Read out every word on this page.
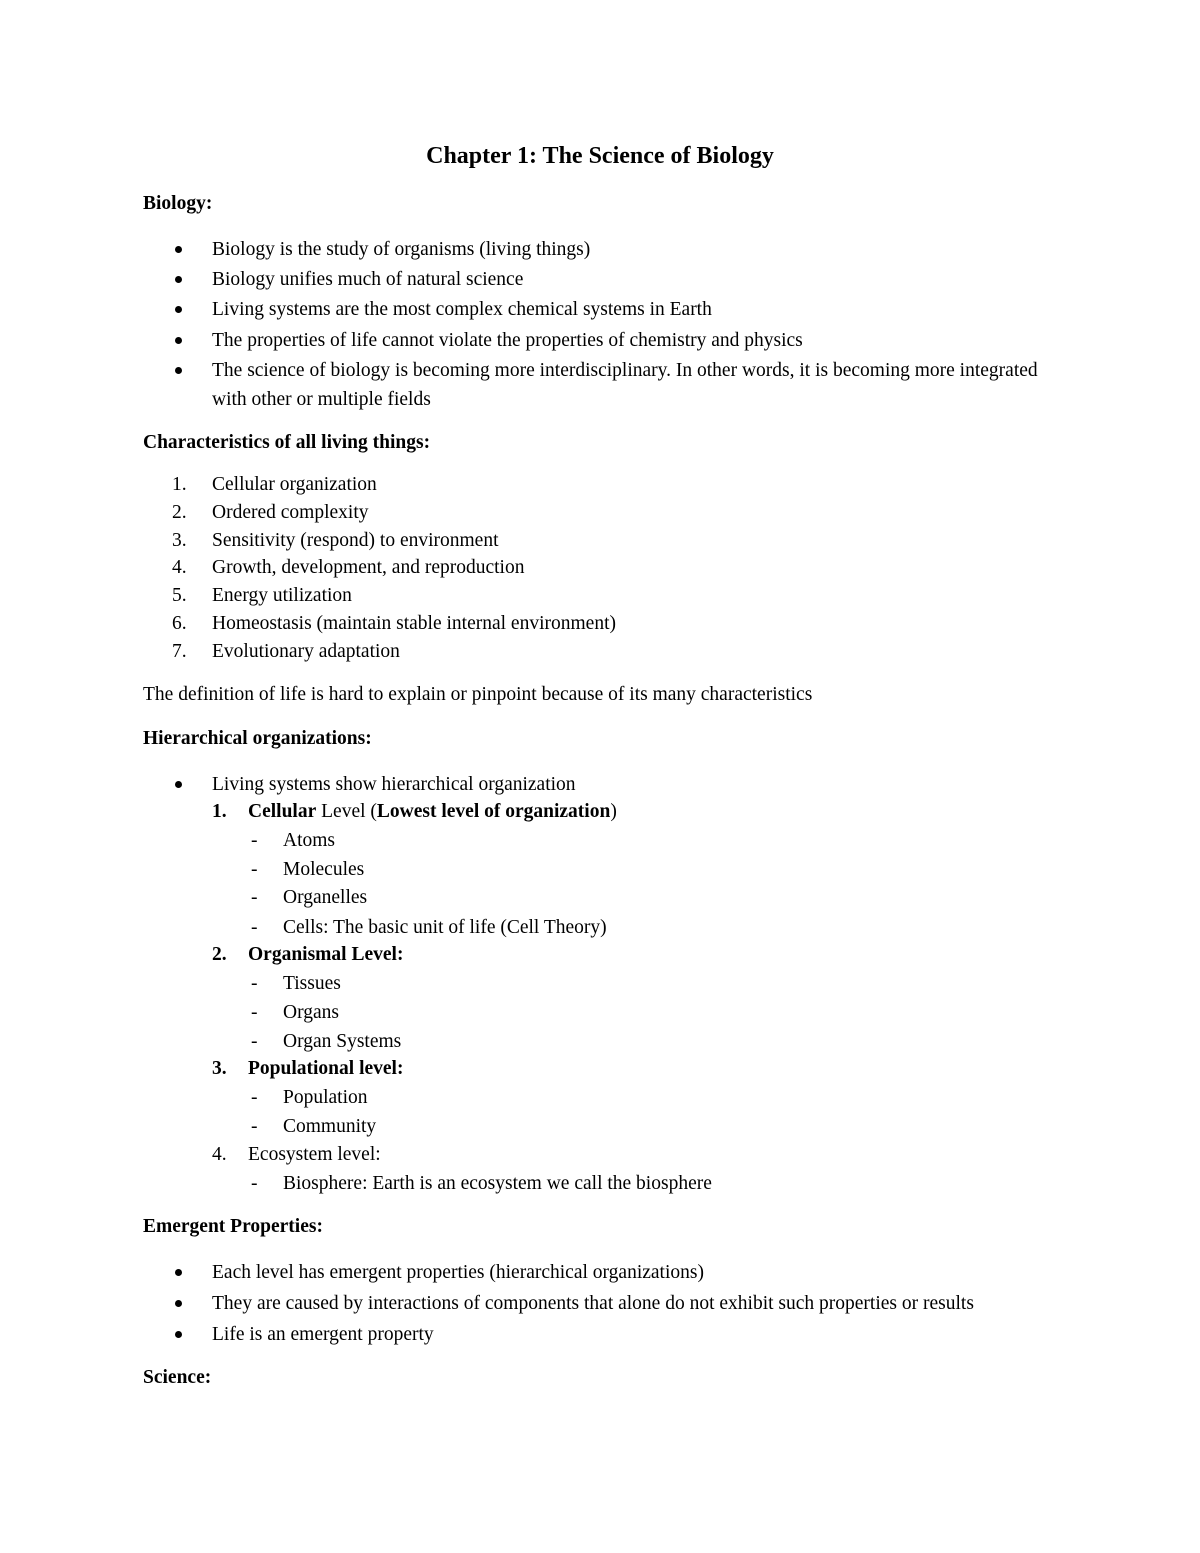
Chapter 1: The Science of Biology
Biology:
Biology is the study of organisms (living things)
Biology unifies much of natural science
Living systems are the most complex chemical systems in Earth
The properties of life cannot violate the properties of chemistry and physics
The science of biology is becoming more interdisciplinary. In other words, it is becoming more integrated with other or multiple fields
Characteristics of all living things:
1. Cellular organization
2. Ordered complexity
3. Sensitivity (respond) to environment
4. Growth, development, and reproduction
5. Energy utilization
6. Homeostasis (maintain stable internal environment)
7. Evolutionary adaptation
The definition of life is hard to explain or pinpoint because of its many characteristics
Hierarchical organizations:
Living systems show hierarchical organization
1. Cellular Level (Lowest level of organization)
- Atoms
- Molecules
- Organelles
- Cells: The basic unit of life (Cell Theory)
2. Organismal Level:
- Tissues
- Organs
- Organ Systems
3. Populational level:
- Population
- Community
4. Ecosystem level:
- Biosphere: Earth is an ecosystem we call the biosphere
Emergent Properties:
Each level has emergent properties (hierarchical organizations)
They are caused by interactions of components that alone do not exhibit such properties or results
Life is an emergent property
Science:
